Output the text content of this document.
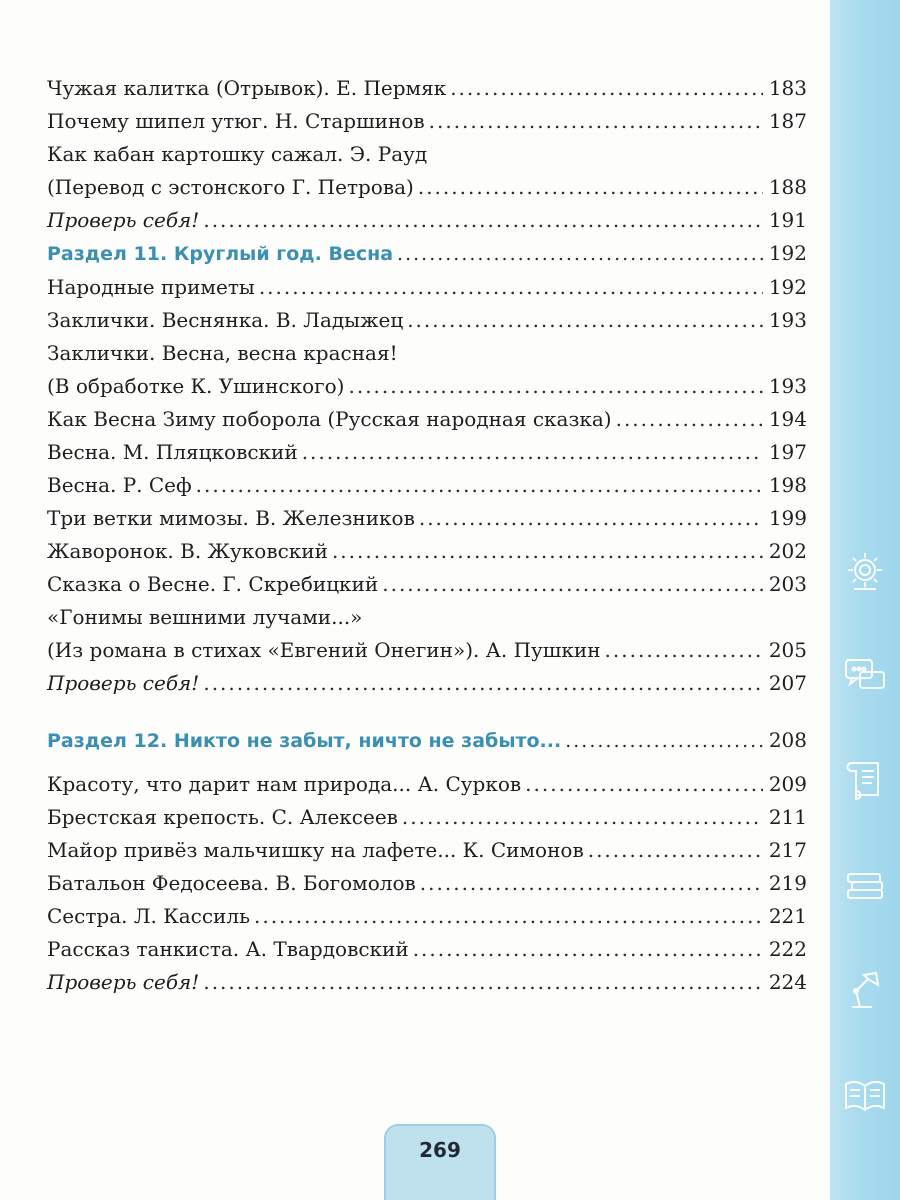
Чужая калитка (Отрывок). Е. Пермяк .....	183
Почему шипел утюг. Н. Старшинов .....	187
Как кабан картошку сажал. Э. Рауд
(Перевод с эстонского Г. Петрова) .....	188
Проверь себя! .....	191
Раздел 11. Круглый год. Весна .....	192
Народные приметы .....	192
Заклички. Веснянка. В. Ладыжец .....	193
Заклички. Весна, весна красная!
(В обработке К. Ушинского) .....	193
Как Весна Зиму поборола (Русская народная сказка) .....	194
Весна. М. Пляцковский .....	197
Весна. Р. Сеф .....	198
Три ветки мимозы. В. Железников .....	199
Жаворонок. В. Жуковский .....	202
Сказка о Весне. Г. Скребицкий .....	203
«Гонимы вешними лучами...»
(Из романа в стихах «Евгений Онегин»). А. Пушкин .....	205
Проверь себя! .....	207
Раздел 12. Никто не забыт, ничто не забыто... .....	208
Красоту, что дарит нам природа... А. Сурков .....	209
Брестская крепость. С. Алексеев .....	211
Майор привёз мальчишку на лафете... К. Симонов .....	217
Батальон Федосеева. В. Богомолов .....	219
Сестра. Л. Кассиль .....	221
Рассказ танкиста. А. Твардовский .....	222
Проверь себя! .....	224
269
